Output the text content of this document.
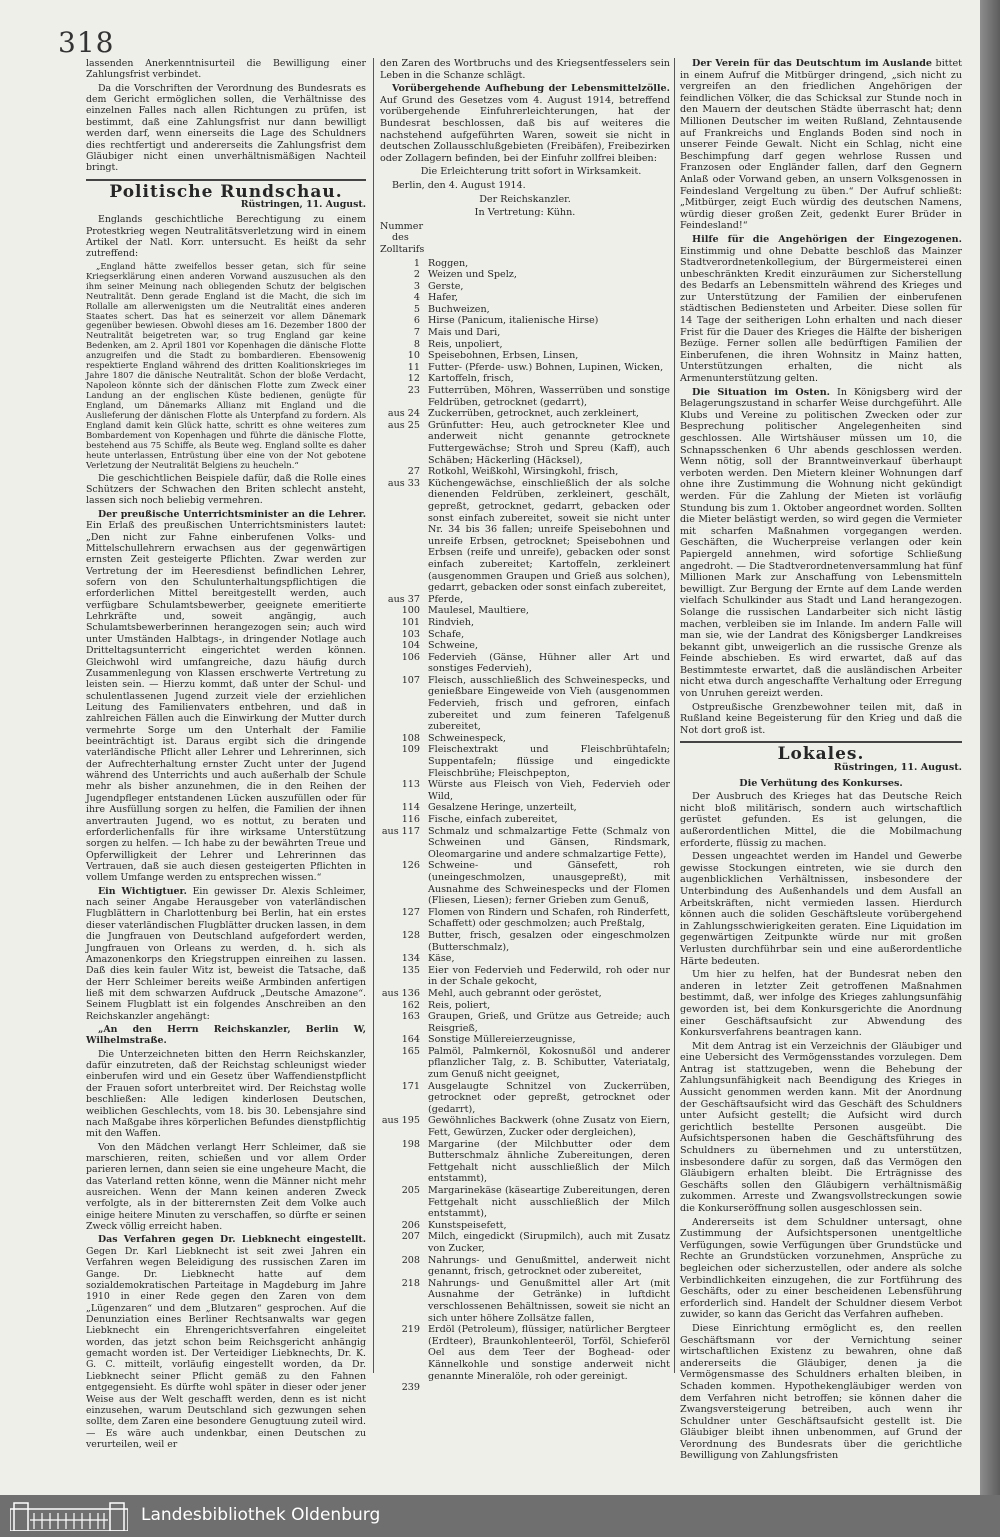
318

lassenden Anerkenntnisurteil die Bewilligung einer Zahlungsfrist verbindet.

Da die Vorschriften der Verordnung des Bundesrats es dem Gericht ermöglichen sollen, die Verhältnisse des einzelnen Falles nach allen Richtungen zu prüfen, ist bestimmt, daß eine Zahlungsfrist nur dann bewilligt werden darf, wenn einerseits die Lage des Schuldners dies rechtfertigt und andererseits die Zahlungsfrist dem Gläubiger nicht einen unverhältnismäßigen Nachteil bringt.

Politische Rundschau.
Rüstringen, 11. August.

Englands geschichtliche Berechtigung zu einem Protestkrieg wegen Neutralitätsverletzung wird in einem Artikel der Natl. Korr. untersucht. Es heißt da sehr zutreffend:

„England hätte zweifellos besser getan, sich für seine Kriegserklärung einen anderen Vorwand auszusuchen als den ihm seiner Meinung nach obliegenden Schutz der belgischen Neutralität. Denn gerade England ist die Macht, die sich im Rollalle am allerwenigsten um die Neutralität eines anderen Staates schert. Das hat es seinerzeit vor allem Dänemark gegenüber bewiesen. Obwohl dieses am 16. Dezember 1800 der Neutralität beigetreten war, so trug England gar keine Bedenken, am 2. April 1801 vor Kopenhagen die dänische Flotte anzugreifen und die Stadt zu bombardieren. Ebensowenig respektierte England während des dritten Koalitionskrieges im Jahre 1807 die dänische Neutralität. Schon der bloße Verdacht, Napoleon könnte sich der dänischen Flotte zum Zweck einer Landung an der englischen Küste bedienen, genügte für England, um Dänemarks Allianz mit England und die Auslieferung der dänischen Flotte als Unterpfand zu fordern. Als England damit kein Glück hatte, schritt es ohne weiteres zum Bombardement von Kopenhagen und führte die dänische Flotte, bestehend aus 75 Schiffe, als Beute weg. England sollte es daher heute unterlassen, Entrüstung über eine von der Not gebotene Verletzung der Neutralität Belgiens zu heucheln.“

Die geschichtlichen Beispiele dafür, daß die Rolle eines Schützers der Schwachen den Briten schlecht ansteht, lassen sich noch beliebig vermehren.

Der preußische Unterrichtsminister an die Lehrer. Ein Erlaß des preußischen Unterrichtsministers lautet: „Den nicht zur Fahne einberufenen Volks- und Mittelschullehrern erwachsen aus der gegenwärtigen ernsten Zeit gesteigerte Pflichten. Zwar werden zur Vertretung der im Heeresdienst befindlichen Lehrer, sofern von den Schulunterhaltungspflichtigen die erforderlichen Mittel bereitgestellt werden, auch verfügbare Schulamtsbewerber, geeignete emeritierte Lehrkräfte und, soweit angängig, auch Schulamtsbewerberinnen herangezogen sein; auch wird unter Umständen Halbtags-, in dringender Notlage auch Dritteltagsunterricht eingerichtet werden können. Gleichwohl wird umfangreiche, dazu häufig durch Zusammenlegung von Klassen erschwerte Vertretung zu leisten sein. — Hierzu kommt, daß unter der Schul- und schulentlassenen Jugend zurzeit viele der erziehlichen Leitung des Familienvaters entbehren, und daß in zahlreichen Fällen auch die Einwirkung der Mutter durch vermehrte Sorge um den Unterhalt der Familie beeinträchtigt ist. Daraus ergibt sich die dringende vaterländische Pflicht aller Lehrer und Lehrerinnen, sich der Aufrechterhaltung ernster Zucht unter der Jugend während des Unterrichts und auch außerhalb der Schule mehr als bisher anzunehmen, die in den Reihen der Jugendpfleger entstandenen Lücken auszufüllen oder für ihre Ausfüllung sorgen zu helfen, die Familien der ihnen anvertrauten Jugend, wo es nottut, zu beraten und erforderlichenfalls für ihre wirksame Unterstützung sorgen zu helfen. — Ich habe zu der bewährten Treue und Opferwilligkeit der Lehrer und Lehrerinnen das Vertrauen, daß sie auch diesen gesteigerten Pflichten in vollem Umfange werden zu entsprechen wissen.“

Ein Wichtigtuer. Ein gewisser Dr. Alexis Schleimer, nach seiner Angabe Herausgeber von vaterländischen Flugblättern in Charlottenburg bei Berlin, hat ein erstes dieser vaterländischen Flugblätter drucken lassen, in dem die Jungfrauen von Deutschland aufgefordert werden, Jungfrauen von Orleans zu werden, d. h. sich als Amazonenkorps den Kriegstruppen einreihen zu lassen. Daß dies kein fauler Witz ist, beweist die Tatsache, daß der Herr Schleimer bereits weiße Armbinden anfertigen ließ mit dem schwarzen Aufdruck „Deutsche Amazone“. Seinem Flugblatt ist ein folgendes Anschreiben an den Reichskanzler angehängt:

„An den Herrn Reichskanzler, Berlin W, Wilhelmstraße.

Die Unterzeichneten bitten den Herrn Reichskanzler, dafür einzutreten, daß der Reichstag schleunigst wieder einberufen wird und ein Gesetz über Waffendienstpflicht der Frauen sofort unterbreitet wird. Der Reichstag wolle beschließen: Alle ledigen kinderlosen Deutschen, weiblichen Geschlechts, vom 18. bis 30. Lebensjahre sind nach Maßgabe ihres körperlichen Befundes dienstpflichtig mit den Waffen.

Von den Mädchen verlangt Herr Schleimer, daß sie marschieren, reiten, schießen und vor allem Order parieren lernen, dann seien sie eine ungeheure Macht, die das Vaterland retten könne, wenn die Männer nicht mehr ausreichen. Wenn der Mann keinen anderen Zweck verfolgte, als in der bitterernsten Zeit dem Volke auch einige heitere Minuten zu verschaffen, so dürfte er seinen Zweck völlig erreicht haben.

Das Verfahren gegen Dr. Liebknecht eingestellt. Gegen Dr. Karl Liebknecht ist seit zwei Jahren ein Verfahren wegen Beleidigung des russischen Zaren im Gange. Dr. Liebknecht hatte auf dem sozialdemokratischen Parteitage in Magdeburg im Jahre 1910 in einer Rede gegen den Zaren von dem „Lügenzaren“ und dem „Blutzaren“ gesprochen. Auf die Denunziation eines Berliner Rechtsanwalts war gegen Liebknecht ein Ehrengerichtsverfahren eingeleitet worden, das jetzt schon beim Reichsgericht anhängig gemacht worden ist. Der Verteidiger Liebknechts, Dr. K. G. C. mitteilt, vorläufig eingestellt worden, da Dr. Liebknecht seiner Pflicht gemäß zu den Fahnen entgegensieht. Es dürfte wohl später in dieser oder jener Weise aus der Welt geschafft werden, denn es ist nicht einzusehen, warum Deutschland sich gezwungen sehen sollte, dem Zaren eine besondere Genugtuung zuteil wird. — Es wäre auch undenkbar, einen Deutschen zu verurteilen, weil er

den Zaren des Wortbruchs und des Kriegsentfesselers sein Leben in die Schanze schlägt.

Vorübergehende Aufhebung der Lebensmittelzölle. Auf Grund des Gesetzes vom 4. August 1914, betreffend vorübergehende Einfuhrerleichterungen, hat der Bundesrat beschlossen, daß bis auf weiteres die nachstehend aufgeführten Waren, soweit sie nicht in deutschen Zollausschlußgebieten (Freibäfen), Freibezirken oder Zollagern befinden, bei der Einfuhr zollfrei bleiben:

Die Erleichterung tritt sofort in Wirksamkeit.

Berlin, den 4. August 1914.

Der Reichskanzler.

In Vertretung: Kühn.

Nummer
des
Zolltarifs
1 Roggen,
2 Weizen und Spelz,
3 Gerste,
4 Hafer,
5 Buchweizen,
6 Hirse (Panicum, italienische Hirse)
7 Mais und Dari,
8 Reis, unpoliert,
10 Speisebohnen, Erbsen, Linsen,
11 Futter- (Pferde- usw.) Bohnen, Lupinen, Wicken,
12 Kartoffeln, frisch,
23 Futterrüben, Möhren, Wasserrüben und sonstige Feldrüben, getrocknet (gedarrt),
aus 24 Zuckerrüben, getrocknet, auch zerkleinert,
aus 25 Grünfutter: Heu, auch getrockneter Klee und anderweit nicht genannte getrocknete Futtergewächse; Stroh und Spreu (Kaff), auch Schäben; Häckerling (Häcksel),
27 Rotkohl, Weißkohl, Wirsingkohl, frisch,
aus 33 Küchengewächse, einschließlich der als solche dienenden Feldrüben, zerkleinert, geschält, gepreßt, getrocknet, gedarrt, gebacken oder sonst einfach zubereitet, soweit sie nicht unter Nr. 34 bis 36 fallen; unreife Speisebohnen und unreife Erbsen, getrocknet; Speisebohnen und Erbsen (reife und unreife), gebacken oder sonst einfach zubereitet; Kartoffeln, zerkleinert (ausgenommen Graupen und Grieß aus solchen), gedarrt, gebacken oder sonst einfach zubereitet,
aus 37 Pferde,
100 Maulesel, Maultiere,
101 Rindvieh,
103 Schafe,
104 Schweine,
106 Federvieh (Gänse, Hühner aller Art und sonstiges Federvieh),
107 Fleisch, ausschließlich des Schweinespecks, und genießbare Eingeweide von Vieh (ausgenommen Federvieh, frisch und gefroren, einfach zubereitet und zum feineren Tafelgenuß zubereitet,
108 Schweinespeck,
109 Fleischextrakt und Fleischbrühtafeln; Suppentafeln; flüssige und eingedickte Fleischbrühe; Fleischpepton,
113 Würste aus Fleisch von Vieh, Federvieh oder Wild,
114 Gesalzene Heringe, unzerteilt,
116 Fische, einfach zubereitet,
aus 117 Schmalz und schmalzartige Fette (Schmalz von Schweinen und Gänsen, Rindsmark, Oleomargarine und andere schmalzartige Fette),
126 Schweine- und Gänsefett, roh (uneingeschmolzen, unausgepreßt), mit Ausnahme des Schweinespecks und der Flomen (Fliesen, Liesen); ferner Grieben zum Genuß,
127 Flomen von Rindern und Schafen, roh Rinderfett, Schaffett) oder geschmolzen; auch Preßtalg,
128 Butter, frisch, gesalzen oder eingeschmolzen (Butterschmalz),
134 Käse,
135 Eier von Federvieh und Federwild, roh oder nur in der Schale gekocht,
aus 136 Mehl, auch gebrannt oder geröstet,
162 Reis, poliert,
163 Graupen, Grieß, und Grütze aus Getreide; auch Reisgrieß,
164 Sonstige Müllereierzeugnisse,
165 Palmöl, Palmkernöl, Kokosnußöl und anderer pflanzlicher Talg, z. B. Schibutter, Vateriatalg, zum Genuß nicht geeignet,
171 Ausgelaugte Schnitzel von Zuckerrüben, getrocknet oder gepreßt, getrocknet oder (gedarrt),
aus 195 Gewöhnliches Backwerk (ohne Zusatz von Eiern, Fett, Gewürzen, Zucker oder dergleichen),
198 Margarine (der Milchbutter oder dem Butterschmalz ähnliche Zubereitungen, deren Fettgehalt nicht ausschließlich der Milch entstammt),
205 Margarinekäse (käseartige Zubereitungen, deren Fettgehalt nicht ausschließlich der Milch entstammt),
206 Kunstspeisefett,
207 Milch, eingedickt (Sirupmilch), auch mit Zusatz von Zucker,
208 Nahrungs- und Genußmittel, anderweit nicht genannt, frisch, getrocknet oder zubereitet,
218 Nahrungs- und Genußmittel aller Art (mit Ausnahme der Getränke) in luftdicht verschlossenen Behältnissen, soweit sie nicht an sich unter höhere Zollsätze fallen,
219 Erdöl (Petroleum), flüssiger, natürlicher Bergteer (Erdteer), Braunkohlenteeröl, Torföl, Schieferöl Oel aus dem Teer der Boghead- oder Kännelkohle und sonstige anderweit nicht genannte Mineralöle, roh oder gereinigt.
239

Der Verein für das Deutschtum im Auslande bittet in einem Aufruf die Mitbürger dringend, „sich nicht zu vergreifen an den friedlichen Angehörigen der feindlichen Völker, die das Schicksal zur Stunde noch in den Mauern der deutschen Städte überrascht hat; denn Millionen Deutscher im weiten Rußland, Zehntausende auf Frankreichs und Englands Boden sind noch in unserer Feinde Gewalt. Nicht ein Schlag, nicht eine Beschimpfung darf gegen wehrlose Russen und Franzosen oder Engländer fallen, darf den Gegnern Anlaß oder Vorwand geben, an unsern Volksgenossen in Feindesland Vergeltung zu üben.“ Der Aufruf schließt: „Mitbürger, zeigt Euch würdig des deutschen Namens, würdig dieser großen Zeit, gedenkt Eurer Brüder in Feindesland!“

Hilfe für die Angehörigen der Eingezogenen. Einstimmig und ohne Debatte beschloß das Mainzer Stadtverordnetenkollegium, der Bürgermeisterei einen unbeschränkten Kredit einzuräumen zur Sicherstellung des Bedarfs an Lebensmitteln während des Krieges und zur Unterstützung der Familien der einberufenen städtischen Bediensteten und Arbeiter. Diese sollen für 14 Tage der seitherigen Lohn erhalten und nach dieser Frist für die Dauer des Krieges die Hälfte der bisherigen Bezüge. Ferner sollen alle bedürftigen Familien der Einberufenen, die ihren Wohnsitz in Mainz hatten, Unterstützungen erhalten, die nicht als Armenunterstützung gelten.

Die Situation im Osten. In Königsberg wird der Belagerungszustand in scharfer Weise durchgeführt. Alle Klubs und Vereine zu politischen Zwecken oder zur Besprechung politischer Angelegenheiten sind geschlossen. Alle Wirtshäuser müssen um 10, die Schnapsschenken 6 Uhr abends geschlossen werden. Wenn nötig, soll der Branntweinverkauf überhaupt verboten werden. Den Mietern kleiner Wohnungen darf ohne ihre Zustimmung die Wohnung nicht gekündigt werden. Für die Zahlung der Mieten ist vorläufig Stundung bis zum 1. Oktober angeordnet worden. Sollten die Mieter belästigt werden, so wird gegen die Vermieter mit scharfen Maßnahmen vorgegangen werden. Geschäften, die Wucherpreise verlangen oder kein Papiergeld annehmen, wird sofortige Schließung angedroht. — Die Stadtverordnetenversammlung hat fünf Millionen Mark zur Anschaffung von Lebensmitteln bewilligt. Zur Bergung der Ernte auf dem Lande werden vielfach Schulkinder aus Stadt und Land herangezogen. Solange die russischen Landarbeiter sich nicht lästig machen, verbleiben sie im Inlande. Im andern Falle will man sie, wie der Landrat des Königsberger Landkreises bekannt gibt, unweigerlich an die russische Grenze als Feinde abschieben. Es wird erwartet, daß auf das Bestimmteste erwartet, daß die ausländischen Arbeiter nicht etwa durch angeschaffte Verhaltung oder Erregung von Unruhen gereizt werden.

Ostpreußische Grenzbewohner teilen mit, daß in Rußland keine Begeisterung für den Krieg und daß die Not dort groß ist.

Lokales.
Rüstringen, 11. August.

Die Verhütung des Konkurses.

Der Ausbruch des Krieges hat das Deutsche Reich nicht bloß militärisch, sondern auch wirtschaftlich gerüstet gefunden. Es ist gelungen, die außerordentlichen Mittel, die die Mobilmachung erforderte, flüssig zu machen.

Dessen ungeachtet werden im Handel und Gewerbe gewisse Stockungen eintreten, wie sie durch den augenblicklichen Verhältnissen, insbesondere der Unterbindung des Außenhandels und dem Ausfall an Arbeitskräften, nicht vermieden lassen. Hierdurch können auch die soliden Geschäftsleute vorübergehend in Zahlungsschwierigkeiten geraten. Eine Liquidation im gegenwärtigen Zeitpunkte würde nur mit großen Verlusten durchführbar sein und eine außerordentliche Härte bedeuten.

Um hier zu helfen, hat der Bundesrat neben den anderen in letzter Zeit getroffenen Maßnahmen bestimmt, daß, wer infolge des Krieges zahlungsunfähig geworden ist, bei dem Konkursgerichte die Anordnung einer Geschäftsaufsicht zur Abwendung des Konkursverfahrens beantragen kann.

Mit dem Antrag ist ein Verzeichnis der Gläubiger und eine Uebersicht des Vermögensstandes vorzulegen. Dem Antrag ist stattzugeben, wenn die Behebung der Zahlungsunfähigkeit nach Beendigung des Krieges in Aussicht genommen werden kann. Mit der Anordnung der Geschäftsaufsicht wird das Geschäft des Schuldners unter Aufsicht gestellt; die Aufsicht wird durch gerichtlich bestellte Personen ausgeübt. Die Aufsichtspersonen haben die Geschäftsführung des Schuldners zu übernehmen und zu unterstützen, insbesondere dafür zu sorgen, daß das Vermögen den Gläubigern erhalten bleibt. Die Erträgnisse des Geschäfts sollen den Gläubigern verhältnismäßig zukommen. Arreste und Zwangsvollstreckungen sowie die Konkurseröffnung sollen ausgeschlossen sein.

Andererseits ist dem Schuldner untersagt, ohne Zustimmung der Aufsichtspersonen unentgeltliche Verfügungen, sowie Verfügungen über Grundstücke und Rechte an Grundstücken vorzunehmen, Ansprüche zu begleichen oder sicherzustellen, oder andere als solche Verbindlichkeiten einzugehen, die zur Fortführung des Geschäfts, oder zu einer bescheidenen Lebensführung erforderlich sind. Handelt der Schuldner diesem Verbot zuwider, so kann das Gericht das Verfahren aufheben.

Diese Einrichtung ermöglicht es, den reellen Geschäftsmann vor der Vernichtung seiner wirtschaftlichen Existenz zu bewahren, ohne daß andererseits die Gläubiger, denen ja die Vermögensmasse des Schuldners erhalten bleiben, in Schaden kommen. Hypothekengläubiger werden von dem Verfahren nicht betroffen; sie können daher die Zwangsversteigerung betreiben, auch wenn ihr Schuldner unter Geschäftsaufsicht gestellt ist. Die Gläubiger bleibt ihnen unbenommen, auf Grund der Verordnung des Bundesrats über die gerichtliche Bewilligung von Zahlungsfristen

Landesbibliothek Oldenburg
